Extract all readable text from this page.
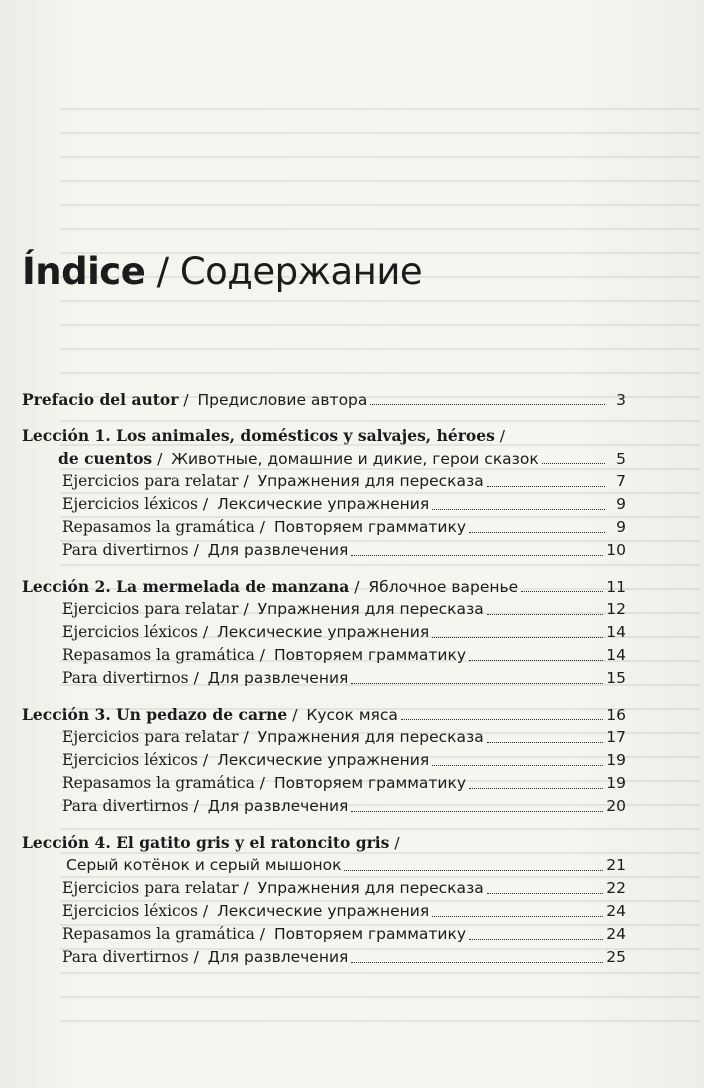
Índice / Содержание
Prefacio del autor / Предисловие автора	3
Lección 1. Los animales, domésticos y salvajes, héroes /
de cuentos / Животные, домашние и дикие, герои сказок	5
Ejercicios para relatar / Упражнения для пересказа	7
Ejercicios léxicos / Лексические упражнения	9
Repasamos la gramática / Повторяем грамматику	9
Para divertirnos / Для развлечения	10
Lección 2. La mermelada de manzana / Яблочное варенье	11
Ejercicios para relatar / Упражнения для пересказа	12
Ejercicios léxicos / Лексические упражнения	14
Repasamos la gramática / Повторяем грамматику	14
Para divertirnos / Для развлечения	15
Lección 3. Un pedazo de carne / Кусок мяса	16
Ejercicios para relatar / Упражнения для пересказа	17
Ejercicios léxicos / Лексические упражнения	19
Repasamos la gramática / Повторяем грамматику	19
Para divertirnos / Для развлечения	20
Lección 4. El gatito gris y el ratoncito gris /
Серый котёнок и серый мышонок	21
Ejercicios para relatar / Упражнения для пересказа	22
Ejercicios léxicos / Лексические упражнения	24
Repasamos la gramática / Повторяем грамматику	24
Para divertirnos / Для развлечения	25
